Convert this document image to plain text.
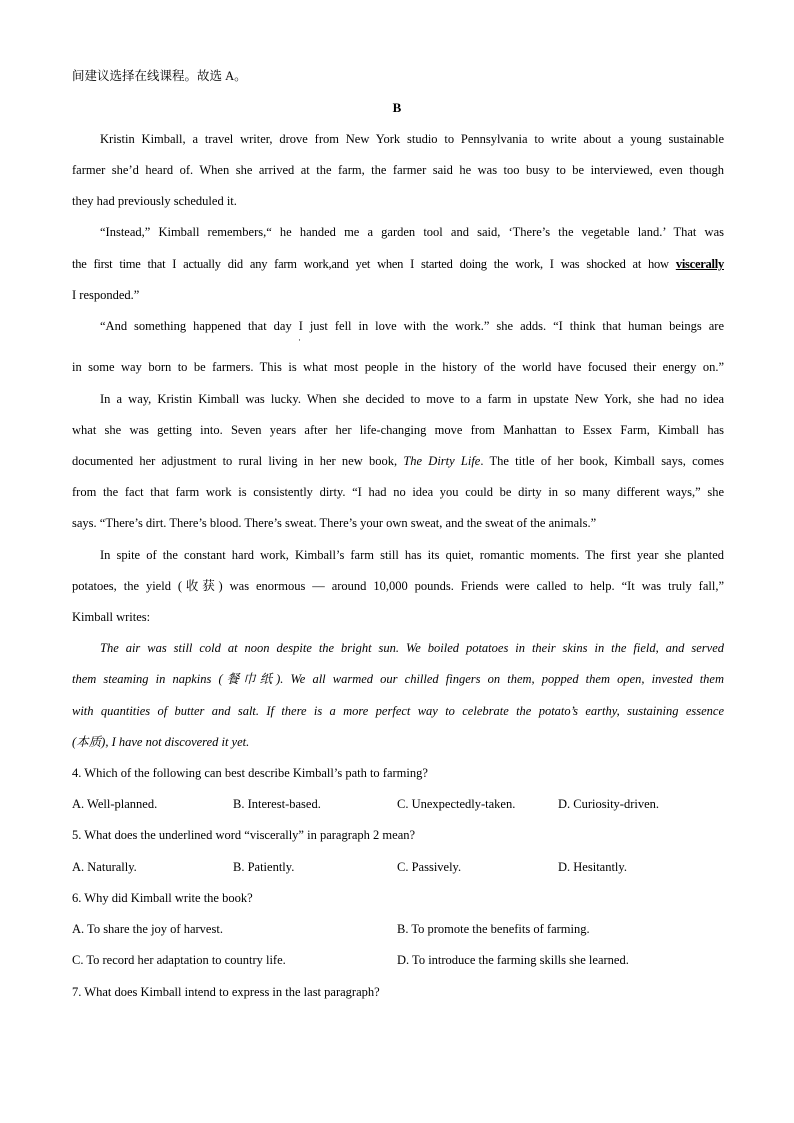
间建议选择在线课程。故选 A。
B
Kristin Kimball, a travel writer, drove from New York studio to Pennsylvania to write about a young sustainable
farmer she’d heard of. When she arrived at the farm, the farmer said he was too busy to be interviewed, even though
they had previously scheduled it.
“Instead,” Kimball remembers,“ he handed me a garden tool and said, ‘There’s the vegetable land.’ That was
the first time that I actually did any farm work,and yet when I started doing the work, I was shocked at how viscerally
I responded.”
“And something happened that day I just fell in love with the work.” she adds. “I think that human beings are
·
in some way born to be farmers. This is what most people in the history of the world have focused their energy on.”
In a way, Kristin Kimball was lucky. When she decided to move to a farm in upstate New York, she had no idea
what she was getting into. Seven years after her life-changing move from Manhattan to Essex Farm, Kimball has
documented her adjustment to rural living in her new book, The Dirty Life. The title of her book, Kimball says, comes
from the fact that farm work is consistently dirty. “I had no idea you could be dirty in so many different ways,” she
says. “There’s dirt. There’s blood. There’s sweat. There’s your own sweat, and the sweat of the animals.”
In spite of the constant hard work, Kimball’s farm still has its quiet, romantic moments. The first year she planted
potatoes, the yield (收获) was enormous — around 10,000 pounds. Friends were called to help. “It was truly fall,”
Kimball writes:
The air was still cold at noon despite the bright sun. We boiled potatoes in their skins in the field, and served
them steaming in napkins (餐巾纸). We all warmed our chilled fingers on them, popped them open, invested them
with quantities of butter and salt. If there is a more perfect way to celebrate the potato’s earthy, sustaining essence
(本质), I have not discovered it yet.
4. Which of the following can best describe Kimball’s path to farming?
A. Well-planned.	B. Interest-based.	C. Unexpectedly-taken.	D. Curiosity-driven.
5. What does the underlined word “viscerally” in paragraph 2 mean?
A. Naturally.	B. Patiently.	C. Passively.	D. Hesitantly.
6. Why did Kimball write the book?
A. To share the joy of harvest.	B. To promote the benefits of farming.
C. To record her adaptation to country life.	D. To introduce the farming skills she learned.
7. What does Kimball intend to express in the last paragraph?
